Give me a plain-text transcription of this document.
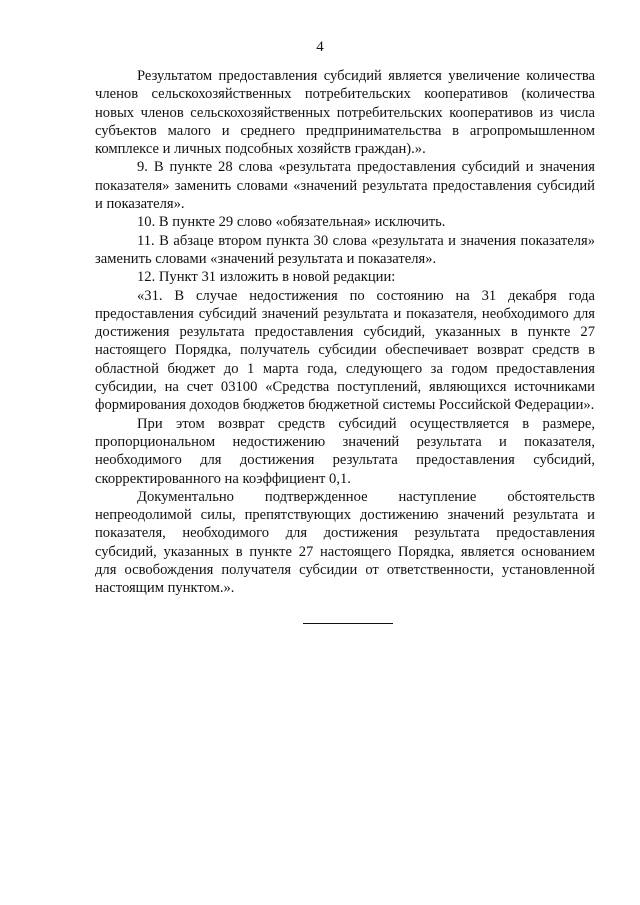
4

Результатом предоставления субсидий является увеличение количества членов сельскохозяйственных потребительских кооперативов (количества новых членов сельскохозяйственных потребительских кооперативов из числа субъектов малого и среднего предпринимательства в агропромышленном комплексе и личных подсобных хозяйств граждан).».

9. В пункте 28 слова «результата предоставления субсидий и значения показателя» заменить словами «значений результата предоставления субсидий и показателя».

10. В пункте 29 слово «обязательная» исключить.

11. В абзаце втором пункта 30 слова «результата и значения показателя» заменить словами «значений результата и показателя».

12. Пункт 31 изложить в новой редакции:

«31. В случае недостижения по состоянию на 31 декабря года предоставления субсидий значений результата и показателя, необходимого для достижения результата предоставления субсидий, указанных в пункте 27 настоящего Порядка, получатель субсидии обеспечивает возврат средств в областной бюджет до 1 марта года, следующего за годом предоставления субсидии, на счет 03100 «Средства поступлений, являющихся источниками формирования доходов бюджетов бюджетной системы Российской Федерации».

При этом возврат средств субсидий осуществляется в размере, пропорциональном недостижению значений результата и показателя, необходимого для достижения результата предоставления субсидий, скорректированного на коэффициент 0,1.

Документально подтвержденное наступление обстоятельств непреодолимой силы, препятствующих достижению значений результата и показателя, необходимого для достижения результата предоставления субсидий, указанных в пункте 27 настоящего Порядка, является основанием для освобождения получателя субсидии от ответственности, установленной настоящим пунктом.».
